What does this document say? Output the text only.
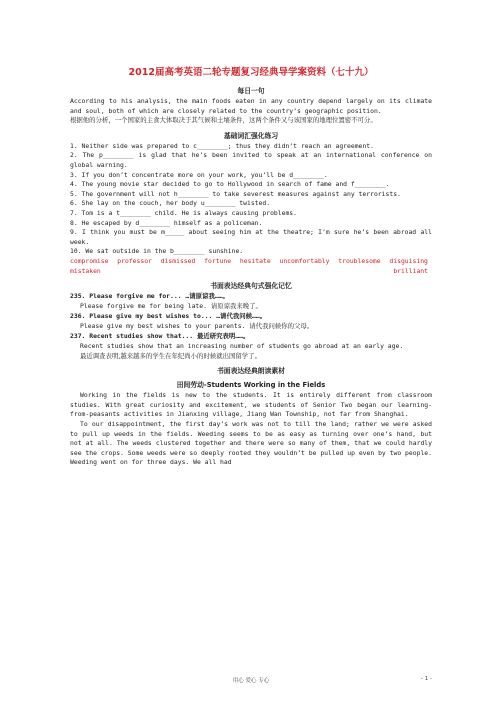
2012届高考英语二轮专题复习经典导学案资料（七十九）
每日一句

According to his analysis, the main foods eaten in any country depend largely on its climate and soul, both of which are closely related to the country’s geographic position.

根据他的分析，一个国家的主食大体取决于其气候和土壤条件，这两个条件又与该国家的地理位置密不可分。

基础词汇强化练习

1. Neither side was prepared to c________; thus they didn’t reach an agreement.

2. The p________ is glad that he’s been invited to speak at an international conference on global warning.

3. If you don’t concentrate more on your work, you’ll be d________.

4. The young movie star decided to go to Hollywood in search of fame and f________.

5. The government will not h________ to take severest measures against any terrorists.

6. She lay on the couch, her body u________ twisted.

7. Tom is a t________ child. He is always causing problems.

8. He escaped by d________ himself as a policeman.

9. I think you must be m_____ about seeing him at the theatre; I’m sure he’s been abroad all week.

10. We sat outside in the b________ sunshine.

compromise professor dismissed fortune hesitate uncomfortably troublesome disguising
mistaken	brilliant
书面表达经典句式强化记忆

235. Please forgive me for... …请原谅我……。

Please forgive me for being late. 请原谅我来晚了。

236. Please give my best wishes to... …请代我问候……。

Please give my best wishes to your parents. 请代我问候你的父母。

237. Recent studies show that... 最近研究表明……。

Recent studies show that an increasing number of students go abroad at an early age.

最近调查表明,越来越多的学生在年纪尚小的时候就出国留学了。

书面表达经典朗读素材
田间劳动-Students Working in the Fields

Working in the fields is new to the students. It is entirely different from classroom studies. With great curiosity and excitement, we students of Senior Two began our learning-from-peasants activities in Jianxing village, Jiang Wan Township, not far from Shanghai.

To our disappointment, the first day’s work was not to till the land; rather we were asked to pull up weeds in the fields. Weeding seems to be as easy as turning over one’s hand, but not at all. The weeds clustered together and there were so many of them, that we could hardly see the crops. Some weeds were so deeply rooted they wouldn’t be pulled up even by two people. Weeding went on for three days. We all had

用心 爱心 专心	- 1 -
